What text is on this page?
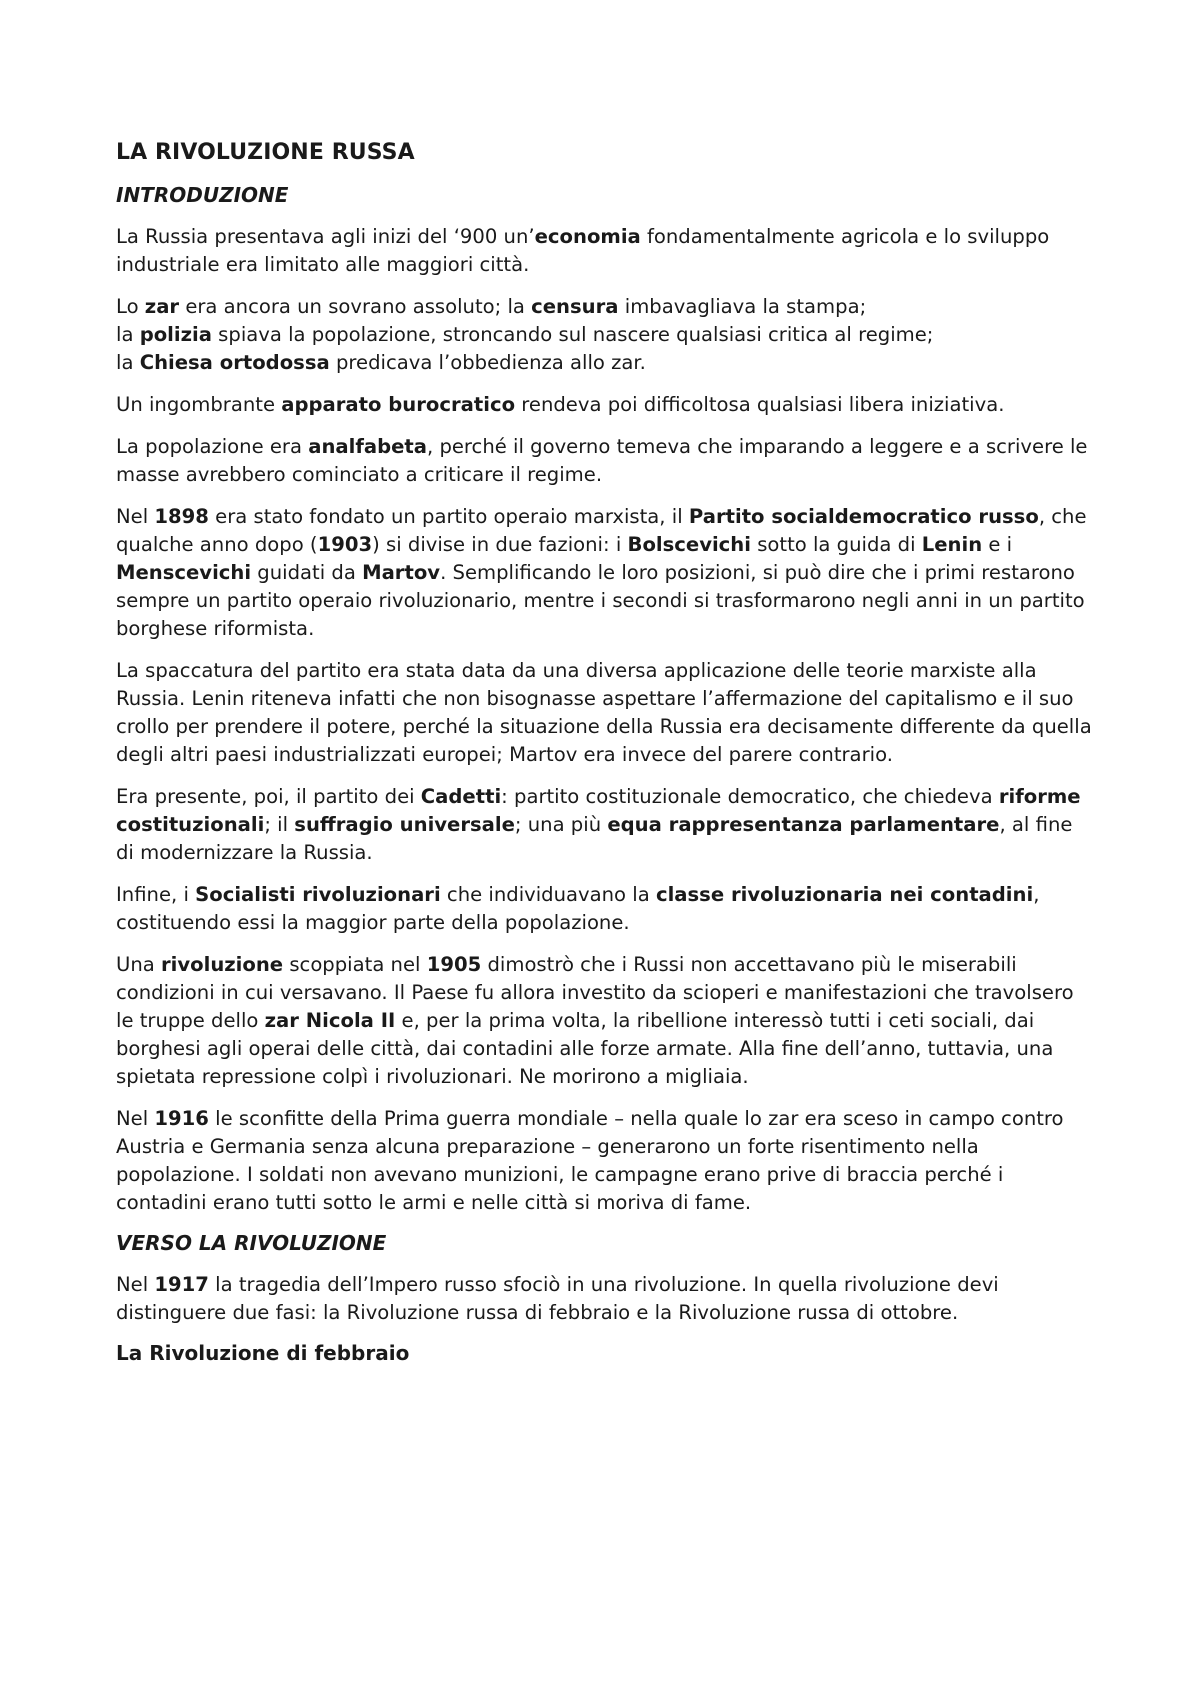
LA RIVOLUZIONE RUSSA
INTRODUZIONE

La Russia presentava agli inizi del ‘900 un’economia fondamentalmente agricola e lo sviluppo industriale era limitato alle maggiori città.

Lo zar era ancora un sovrano assoluto; la censura imbavagliava la stampa;
la polizia spiava la popolazione, stroncando sul nascere qualsiasi critica al regime;
la Chiesa ortodossa predicava l’obbedienza allo zar.

Un ingombrante apparato burocratico rendeva poi difficoltosa qualsiasi libera iniziativa.

La popolazione era analfabeta, perché il governo temeva che imparando a leggere e a scrivere le masse avrebbero cominciato a criticare il regime.

Nel 1898 era stato fondato un partito operaio marxista, il Partito socialdemocratico russo, che qualche anno dopo (1903) si divise in due fazioni: i Bolscevichi sotto la guida di Lenin e i Menscevichi guidati da Martov. Semplificando le loro posizioni, si può dire che i primi restarono sempre un partito operaio rivoluzionario, mentre i secondi si trasformarono negli anni in un partito borghese riformista.

La spaccatura del partito era stata data da una diversa applicazione delle teorie marxiste alla Russia. Lenin riteneva infatti che non bisognasse aspettare l’affermazione del capitalismo e il suo crollo per prendere il potere, perché la situazione della Russia era decisamente differente da quella degli altri paesi industrializzati europei; Martov era invece del parere contrario.

Era presente, poi, il partito dei Cadetti: partito costituzionale democratico, che chiedeva riforme costituzionali; il suffragio universale; una più equa rappresentanza parlamentare, al fine di modernizzare la Russia.

Infine, i Socialisti rivoluzionari che individuavano la classe rivoluzionaria nei contadini, costituendo essi la maggior parte della popolazione.

Una rivoluzione scoppiata nel 1905 dimostrò che i Russi non accettavano più le miserabili condizioni in cui versavano. Il Paese fu allora investito da scioperi e manifestazioni che travolsero le truppe dello zar Nicola II e, per la prima volta, la ribellione interessò tutti i ceti sociali, dai borghesi agli operai delle città, dai contadini alle forze armate. Alla fine dell’anno, tuttavia, una spietata repressione colpì i rivoluzionari. Ne morirono a migliaia.

Nel 1916 le sconfitte della Prima guerra mondiale – nella quale lo zar era sceso in campo contro Austria e Germania senza alcuna preparazione – generarono un forte risentimento nella popolazione. I soldati non avevano munizioni, le campagne erano prive di braccia perché i contadini erano tutti sotto le armi e nelle città si moriva di fame.

VERSO LA RIVOLUZIONE

Nel 1917 la tragedia dell’Impero russo sfociò in una rivoluzione. In quella rivoluzione devi distinguere due fasi: la Rivoluzione russa di febbraio e la Rivoluzione russa di ottobre.

La Rivoluzione di febbraio
